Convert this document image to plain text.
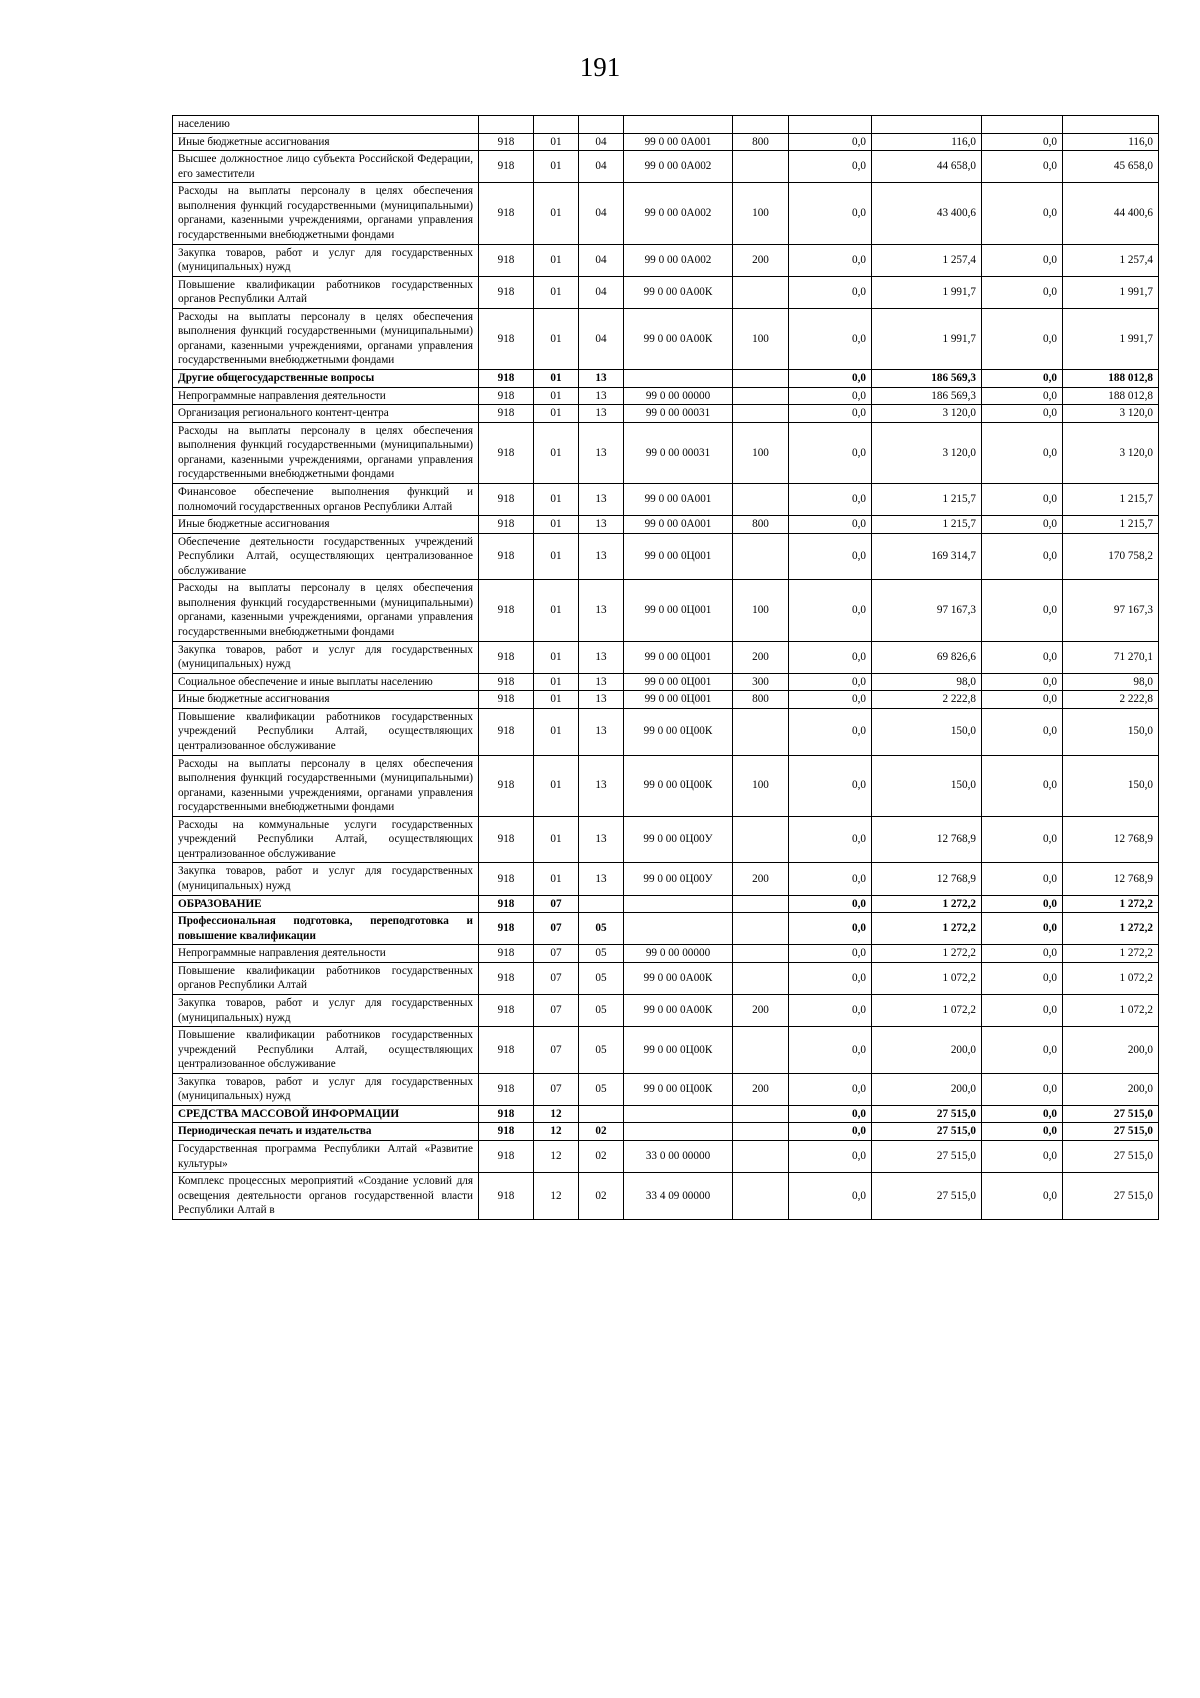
191
населению									
Иные бюджетные ассигнования	918	01	04	99 0 00 0А001	800	0,0	116,0	0,0	116,0
Высшее должностное лицо субъекта Российской Федерации, его заместители	918	01	04	99 0 00 0А002		0,0	44 658,0	0,0	45 658,0
Расходы на выплаты персоналу в целях обеспечения выполнения функций государственными (муниципальными) органами, казенными учреждениями, органами управления государственными внебюджетными фондами	918	01	04	99 0 00 0А002	100	0,0	43 400,6	0,0	44 400,6
Закупка товаров, работ и услуг для государственных (муниципальных) нужд	918	01	04	99 0 00 0А002	200	0,0	1 257,4	0,0	1 257,4
Повышение квалификации работников государственных органов Республики Алтай	918	01	04	99 0 00 0А00К		0,0	1 991,7	0,0	1 991,7
Расходы на выплаты персоналу в целях обеспечения выполнения функций государственными (муниципальными) органами, казенными учреждениями, органами управления государственными внебюджетными фондами	918	01	04	99 0 00 0А00К	100	0,0	1 991,7	0,0	1 991,7
Другие общегосударственные вопросы	918	01	13			0,0	186 569,3	0,0	188 012,8
Непрограммные направления деятельности	918	01	13	99 0 00 00000		0,0	186 569,3	0,0	188 012,8
Организация регионального контент-центра	918	01	13	99 0 00 00031		0,0	3 120,0	0,0	3 120,0
Расходы на выплаты персоналу в целях обеспечения выполнения функций государственными (муниципальными) органами, казенными учреждениями, органами управления государственными внебюджетными фондами	918	01	13	99 0 00 00031	100	0,0	3 120,0	0,0	3 120,0
Финансовое обеспечение выполнения функций и полномочий государственных органов Республики Алтай	918	01	13	99 0 00 0А001		0,0	1 215,7	0,0	1 215,7
Иные бюджетные ассигнования	918	01	13	99 0 00 0А001	800	0,0	1 215,7	0,0	1 215,7
Обеспечение деятельности государственных учреждений Республики Алтай, осуществляющих централизованное обслуживание	918	01	13	99 0 00 0Ц001		0,0	169 314,7	0,0	170 758,2
Расходы на выплаты персоналу в целях обеспечения выполнения функций государственными (муниципальными) органами, казенными учреждениями, органами управления государственными внебюджетными фондами	918	01	13	99 0 00 0Ц001	100	0,0	97 167,3	0,0	97 167,3
Закупка товаров, работ и услуг для государственных (муниципальных) нужд	918	01	13	99 0 00 0Ц001	200	0,0	69 826,6	0,0	71 270,1
Социальное обеспечение и иные выплаты населению	918	01	13	99 0 00 0Ц001	300	0,0	98,0	0,0	98,0
Иные бюджетные ассигнования	918	01	13	99 0 00 0Ц001	800	0,0	2 222,8	0,0	2 222,8
Повышение квалификации работников государственных учреждений Республики Алтай, осуществляющих централизованное обслуживание	918	01	13	99 0 00 0Ц00К		0,0	150,0	0,0	150,0
Расходы на выплаты персоналу в целях обеспечения выполнения функций государственными (муниципальными) органами, казенными учреждениями, органами управления государственными внебюджетными фондами	918	01	13	99 0 00 0Ц00К	100	0,0	150,0	0,0	150,0
Расходы на коммунальные услуги государственных учреждений Республики Алтай, осуществляющих централизованное обслуживание	918	01	13	99 0 00 0Ц00У		0,0	12 768,9	0,0	12 768,9
Закупка товаров, работ и услуг для государственных (муниципальных) нужд	918	01	13	99 0 00 0Ц00У	200	0,0	12 768,9	0,0	12 768,9
ОБРАЗОВАНИЕ	918	07				0,0	1 272,2	0,0	1 272,2
Профессиональная подготовка, переподготовка и повышение квалификации	918	07	05			0,0	1 272,2	0,0	1 272,2
Непрограммные направления деятельности	918	07	05	99 0 00 00000		0,0	1 272,2	0,0	1 272,2
Повышение квалификации работников государственных органов Республики Алтай	918	07	05	99 0 00 0А00К		0,0	1 072,2	0,0	1 072,2
Закупка товаров, работ и услуг для государственных (муниципальных) нужд	918	07	05	99 0 00 0А00К	200	0,0	1 072,2	0,0	1 072,2
Повышение квалификации работников государственных учреждений Республики Алтай, осуществляющих централизованное обслуживание	918	07	05	99 0 00 0Ц00К		0,0	200,0	0,0	200,0
Закупка товаров, работ и услуг для государственных (муниципальных) нужд	918	07	05	99 0 00 0Ц00К	200	0,0	200,0	0,0	200,0
СРЕДСТВА МАССОВОЙ ИНФОРМАЦИИ	918	12				0,0	27 515,0	0,0	27 515,0
Периодическая печать и издательства	918	12	02			0,0	27 515,0	0,0	27 515,0
Государственная программа Республики Алтай «Развитие культуры»	918	12	02	33 0 00 00000		0,0	27 515,0	0,0	27 515,0
Комплекс процессных мероприятий «Создание условий для освещения деятельности органов государственной власти Республики Алтай в	918	12	02	33 4 09 00000		0,0	27 515,0	0,0	27 515,0
